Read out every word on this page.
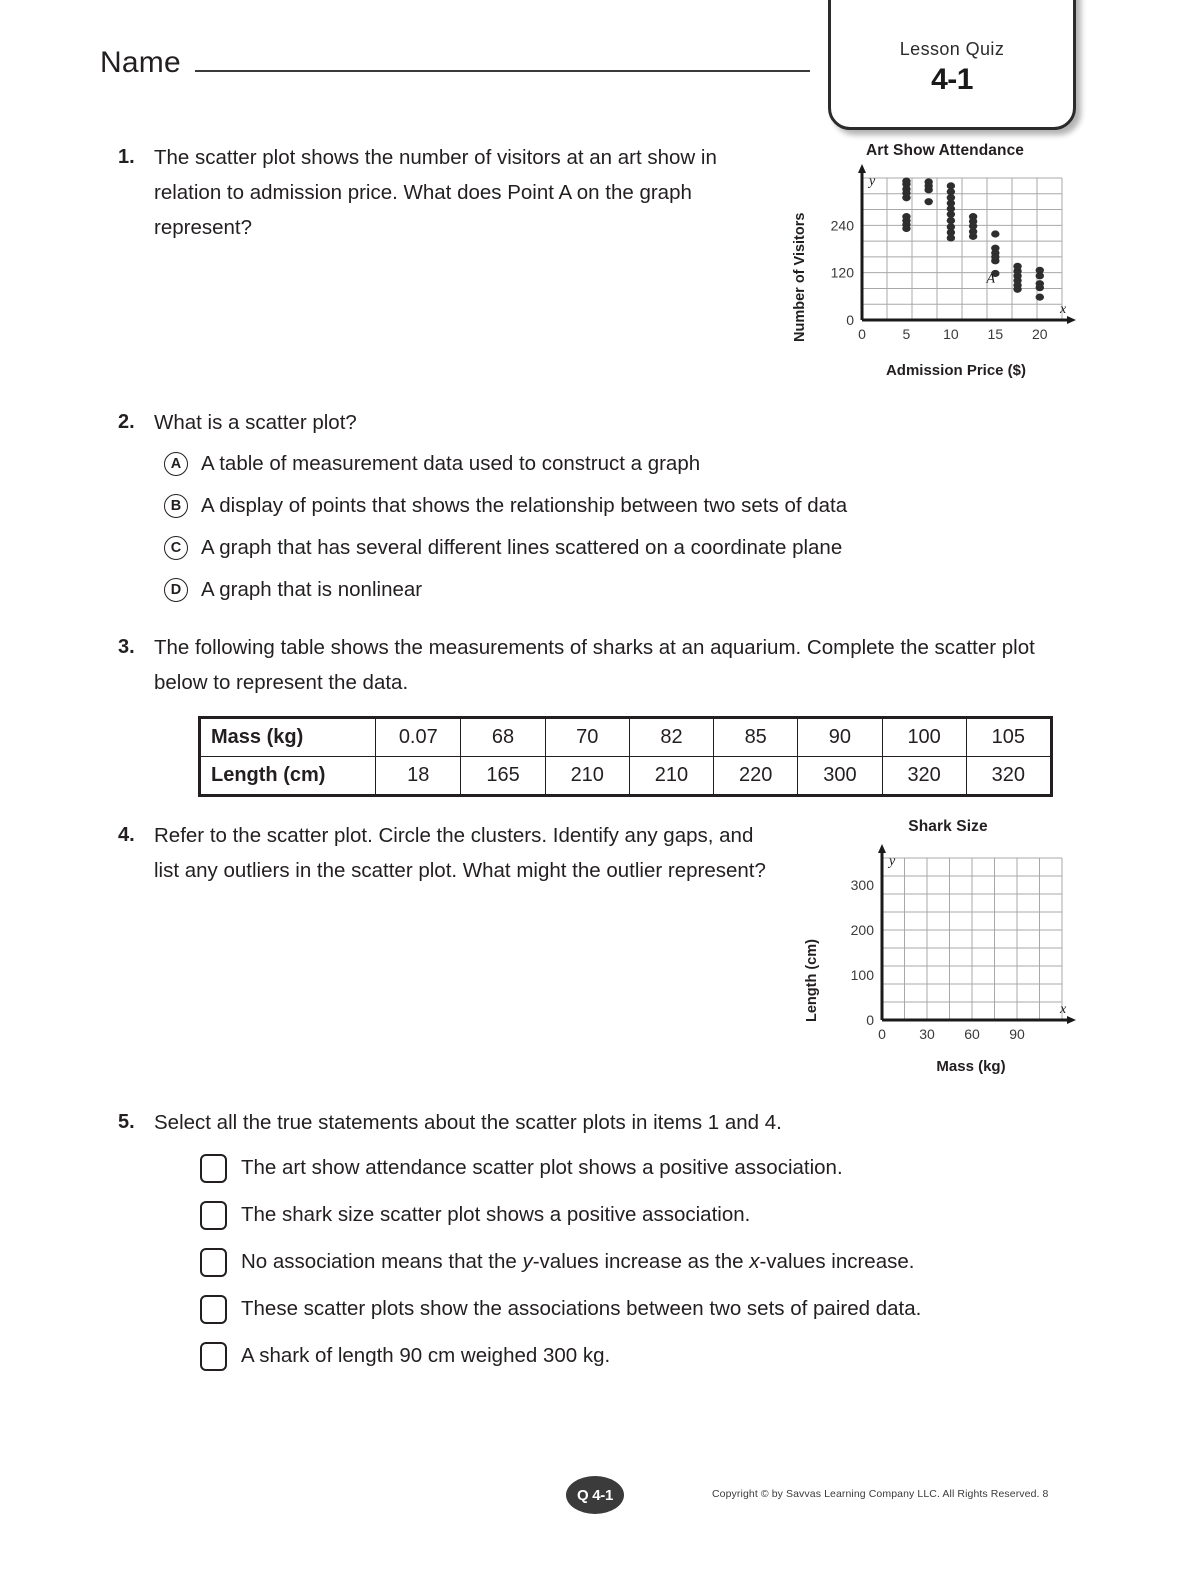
Name	Lesson Quiz
4-1
1. The scatter plot shows the number of visitors at an art show in relation to admission price. What does Point A on the graph represent?
Art Show Attendance
Number of Visitors
y
x
0	5 10 15 20
0
120
240
A
Admission Price ($)
2. What is a scatter plot?
A A table of measurement data used to construct a graph
B A display of points that shows the relationship between two sets of data
C A graph that has several different lines scattered on a coordinate plane
D A graph that is nonlinear
3. The following table shows the measurements of sharks at an aquarium. Complete the scatter plot below to represent the data.
Mass (kg)	0.07	68	70	82	85	90	100	105
Length (cm)	18	165	210	210	220	300	320	320
4. Refer to the scatter plot. Circle the clusters. Identify any gaps, and list any outliers in the scatter plot. What might the outlier represent?
Shark Size
Length (cm)
y
x
0 30 60 90
0
100
200
300
Mass (kg)
5. Select all the true statements about the scatter plots in items 1 and 4.
The art show attendance scatter plot shows a positive association.
The shark size scatter plot shows a positive association.
No association means that the y-values increase as the x-values increase.
These scatter plots show the associations between two sets of paired data.
A shark of length 90 cm weighed 300 kg.
Q 4-1	Copyright © by Savvas Learning Company LLC. All Rights Reserved. 8
